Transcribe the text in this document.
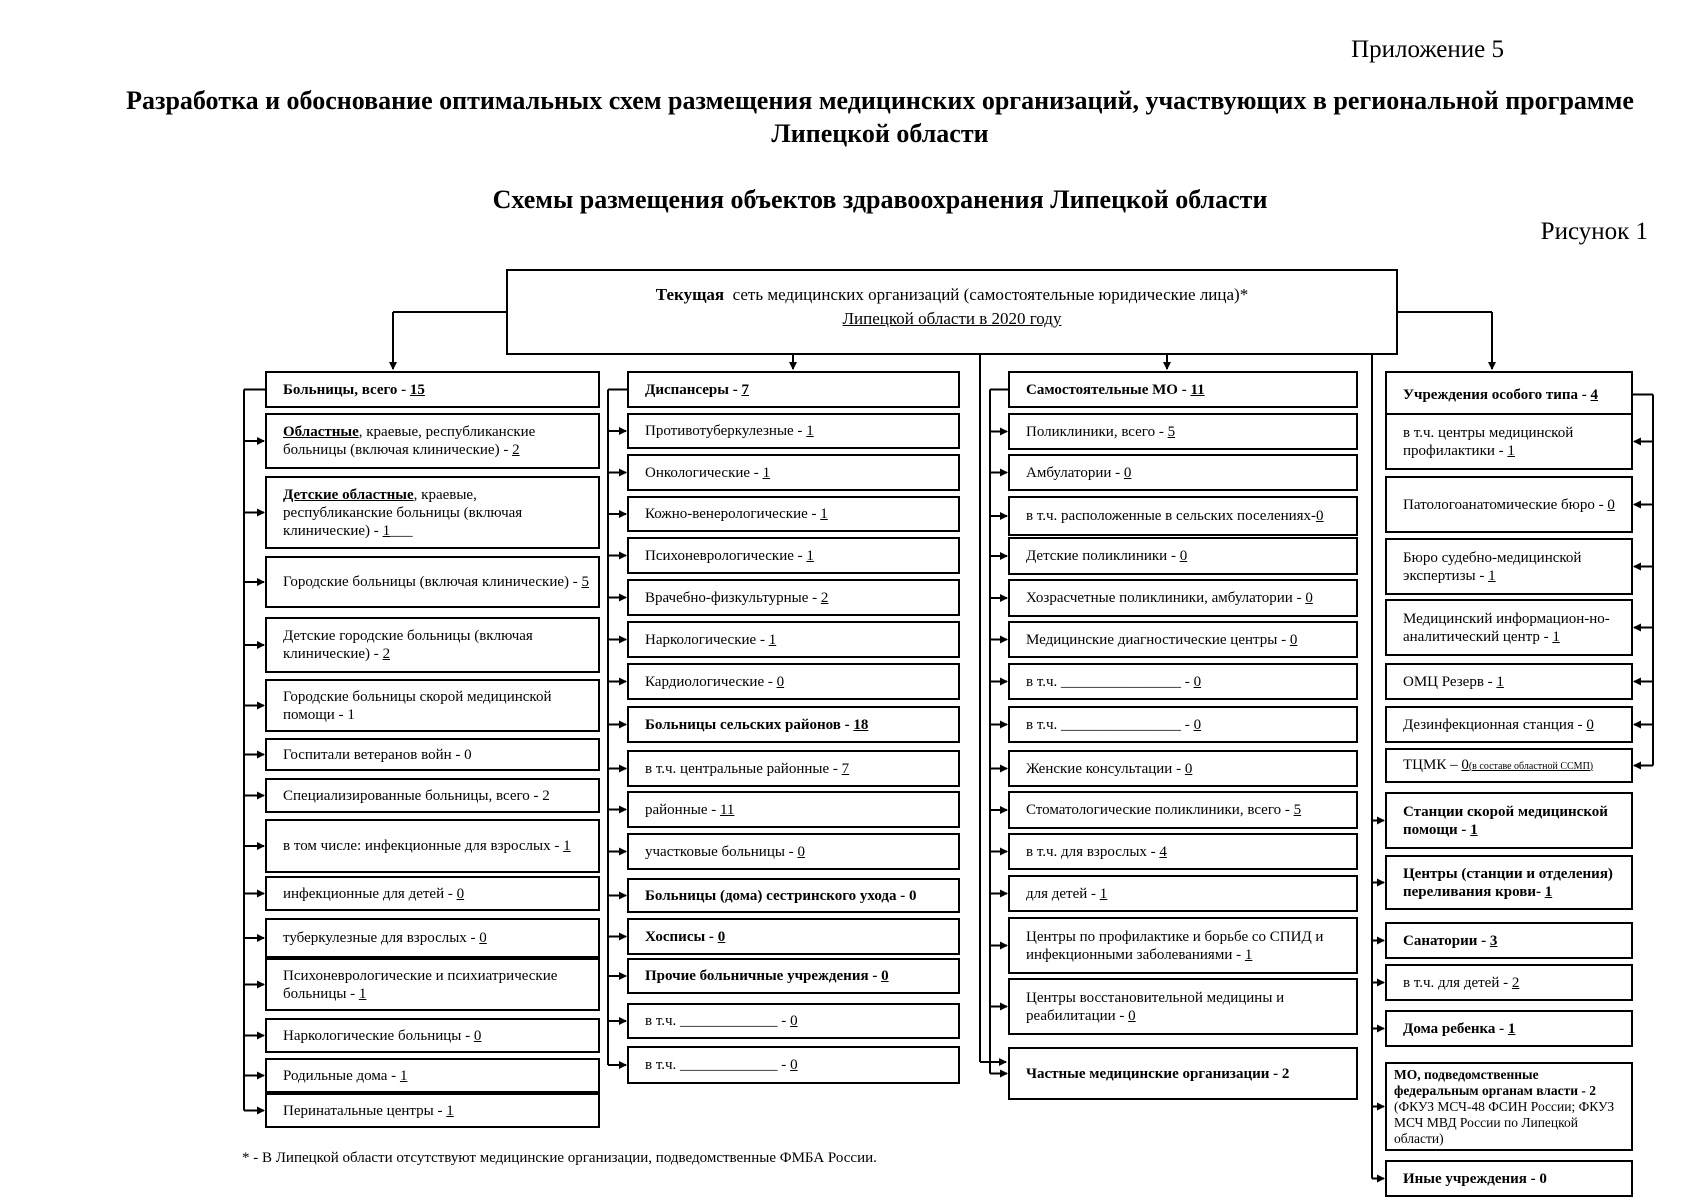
Приложение 5
Разработка и обоснование оптимальных схем размещения медицинских организаций, участвующих в региональной программе Липецкой области
Схемы размещения объектов здравоохранения Липецкой области
Рисунок 1
Текущая сеть медицинских организаций (самостоятельные юридические лица)*
Липецкой области в 2020 году
Больницы, всего - 15
Областные, краевые, республиканские больницы (включая клинические) - 2
Детские областные, краевые, республиканские больницы (включая клинические) - 1___
Городские больницы (включая клинические) - 5
Детские городские больницы (включая клинические) - 2
Городские больницы скорой медицинской помощи - 1
Госпитали ветеранов войн - 0
Специализированные больницы, всего - 2
в том числе: инфекционные для взрослых - 1
инфекционные для детей - 0
туберкулезные для взрослых - 0
Психоневрологические и психиатрические больницы - 1
Наркологические больницы - 0
Родильные дома - 1
Перинатальные центры - 1
Диспансеры - 7
Противотуберкулезные - 1
Онкологические - 1
Кожно-венерологические - 1
Психоневрологические - 1
Врачебно-физкультурные - 2
Наркологические - 1
Кардиологические - 0
Больницы сельских районов - 18
в т.ч. центральные районные - 7
районные - 11
участковые больницы - 0
Больницы (дома) сестринского ухода - 0
Хосписы - 0
Прочие больничные учреждения - 0
в т.ч. _____________ - 0
в т.ч. _____________ - 0
Самостоятельные МО - 11
Поликлиники, всего - 5
Амбулатории - 0
в т.ч. расположенные в сельских поселениях-0
Детские поликлиники - 0
Хозрасчетные поликлиники, амбулатории - 0
Медицинские диагностические центры - 0
в т.ч. ________________ - 0
в т.ч. ________________ - 0
Женские консультации - 0
Стоматологические поликлиники, всего - 5
в т.ч. для взрослых - 4
для детей - 1
Центры по профилактике и борьбе со СПИД и инфекционными заболеваниями - 1
Центры восстановительной медицины и реабилитации - 0
Частные медицинские организации - 2
Учреждения особого типа - 4
в т.ч. центры медицинской профилактики - 1
Патологоанатомические бюро - 0
Бюро судебно-медицинской экспертизы - 1
Медицинский информацион-но-аналитический центр - 1
ОМЦ Резерв - 1
Дезинфекционная станция - 0
ТЦМК – 0(в составе областной ССМП)
Станции скорой медицинской помощи - 1
Центры (станции и отделения) переливания крови- 1
Санатории - 3
в т.ч. для детей - 2
Дома ребенка - 1
МО, подведомственные федеральным органам власти - 2
(ФКУЗ МСЧ-48 ФСИН России; ФКУЗ МСЧ МВД России по Липецкой области)
Иные учреждения - 0
* - В Липецкой области отсутствуют медицинские организации, подведомственные ФМБА России.
